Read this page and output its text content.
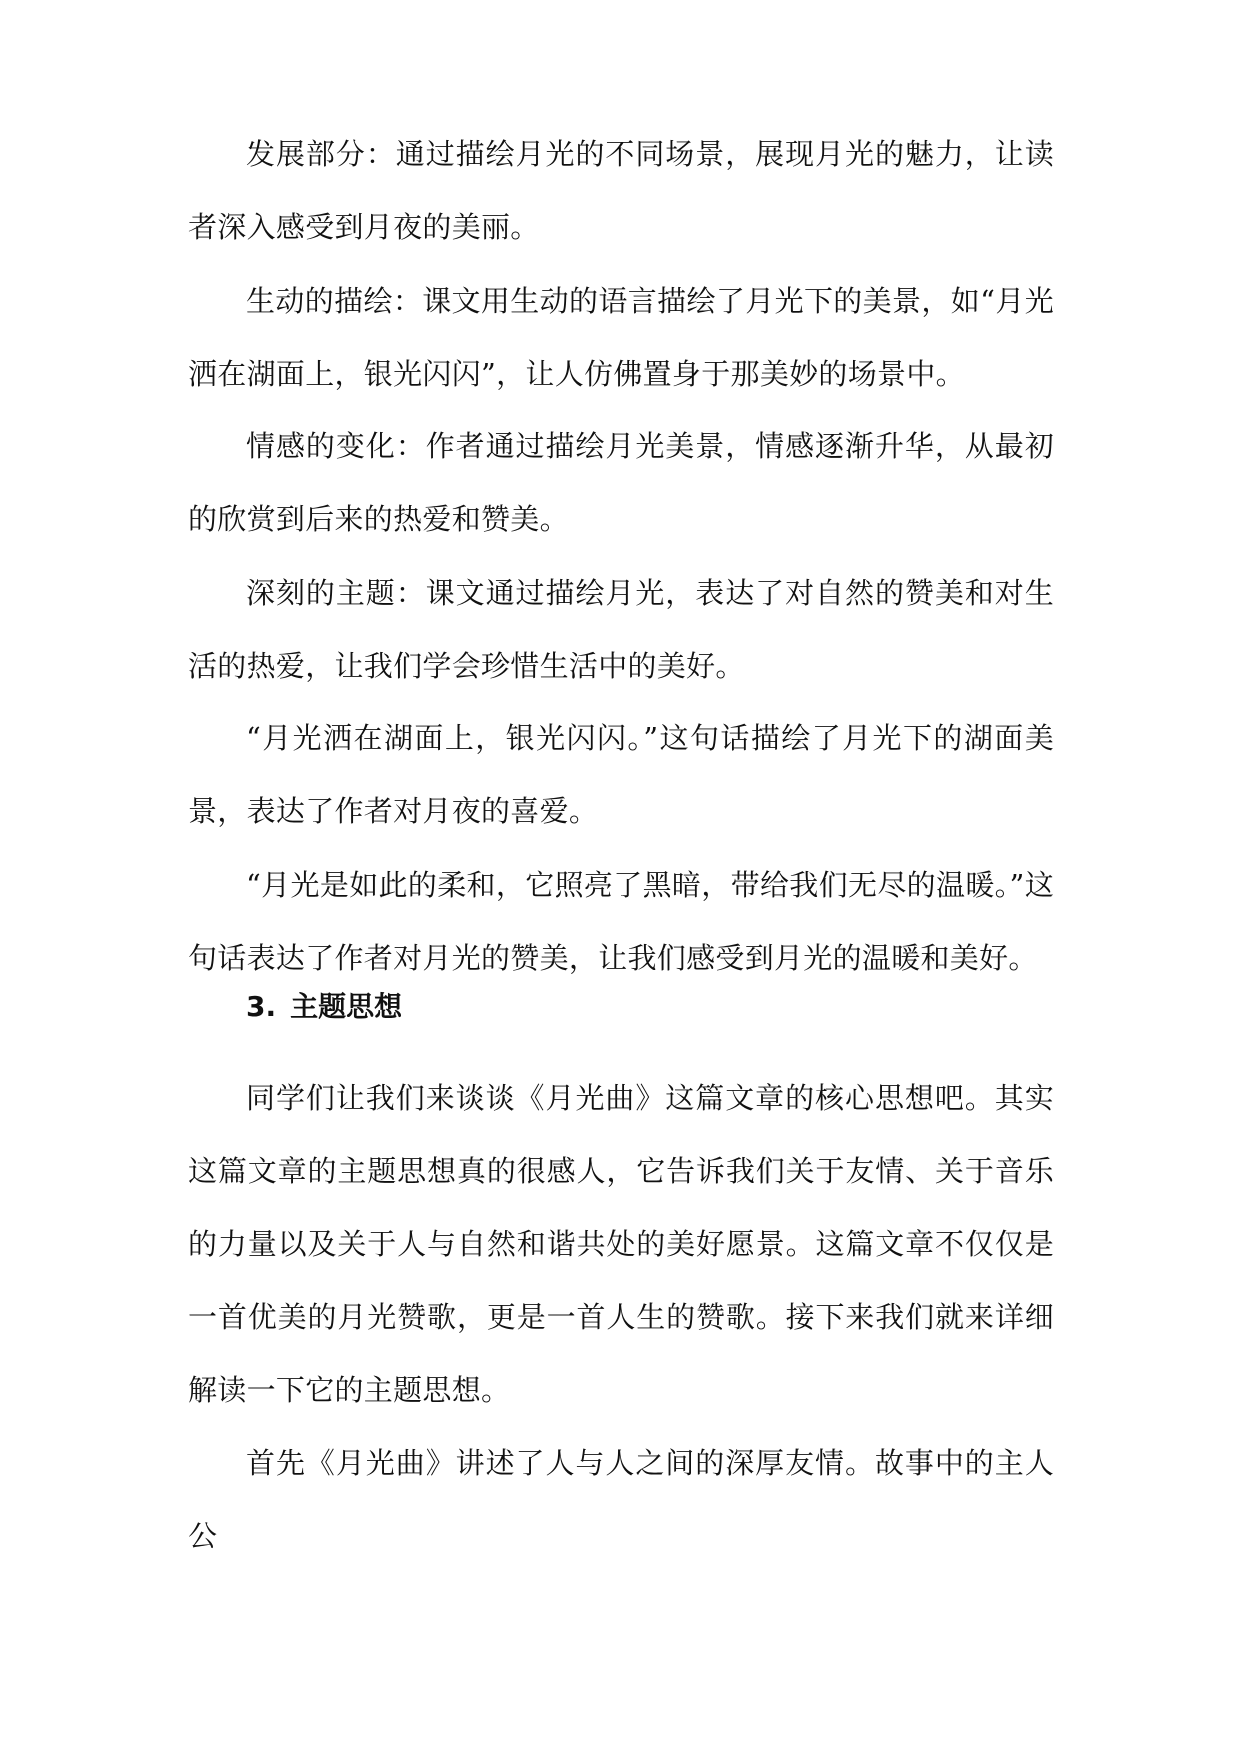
发展部分：通过描绘月光的不同场景，展现月光的魅力，让读者深入感受到月夜的美丽。

生动的描绘：课文用生动的语言描绘了月光下的美景，如“月光洒在湖面上，银光闪闪”，让人仿佛置身于那美妙的场景中。

情感的变化：作者通过描绘月光美景，情感逐渐升华，从最初的欣赏到后来的热爱和赞美。

深刻的主题：课文通过描绘月光，表达了对自然的赞美和对生活的热爱，让我们学会珍惜生活中的美好。

“月光洒在湖面上，银光闪闪。”这句话描绘了月光下的湖面美景，表达了作者对月夜的喜爱。

“月光是如此的柔和，它照亮了黑暗，带给我们无尽的温暖。”这句话表达了作者对月光的赞美，让我们感受到月光的温暖和美好。

3. 主题思想

同学们让我们来谈谈《月光曲》这篇文章的核心思想吧。其实这篇文章的主题思想真的很感人，它告诉我们关于友情、关于音乐的力量以及关于人与自然和谐共处的美好愿景。这篇文章不仅仅是一首优美的月光赞歌，更是一首人生的赞歌。接下来我们就来详细解读一下它的主题思想。

首先《月光曲》讲述了人与人之间的深厚友情。故事中的主人公
